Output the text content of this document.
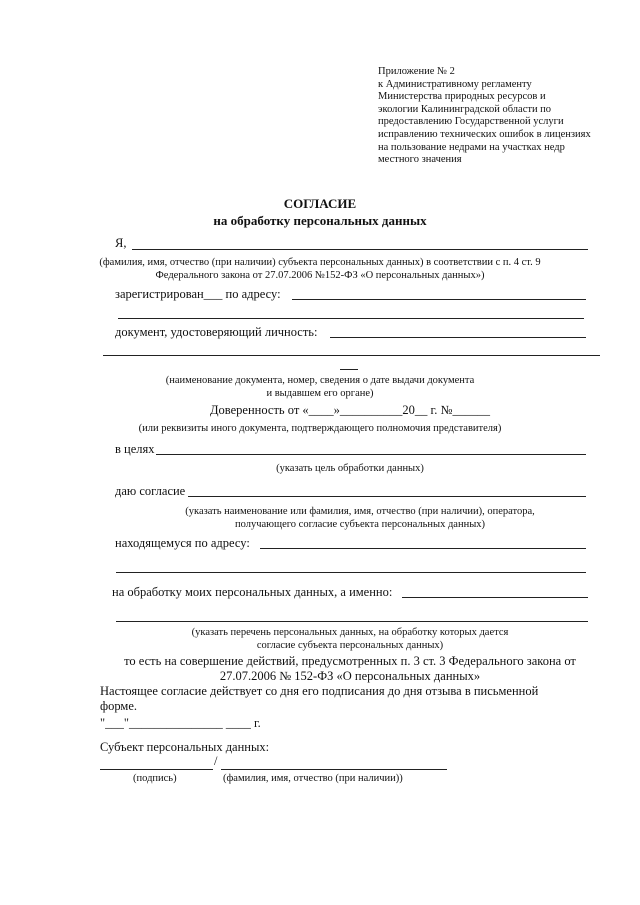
Приложение № 2
к Административному регламенту
Министерства природных ресурсов и
экологии Калининградской области по
предоставлению Государственной услуги
исправлению технических ошибок в лицензиях
на пользование недрами на участках недр
местного значения
СОГЛАСИЕ
на обработку персональных данных
Я,
(фамилия, имя, отчество (при наличии) субъекта персональных данных) в соответствии с п. 4 ст. 9
Федерального закона от 27.07.2006 №152-ФЗ «О персональных данных»)
зарегистрирован___ по адресу:
документ, удостоверяющий личность:
(наименование документа, номер, сведения о дате выдачи документа
и выдавшем его органе)
Доверенность от «____»__________20__ г. №______
(или реквизиты иного документа, подтверждающего полномочия представителя)
в целях
(указать цель обработки данных)
даю согласие
(указать наименование или фамилия, имя, отчество (при наличии), оператора,
получающего согласие субъекта персональных данных)
находящемуся по адресу:
на обработку моих персональных данных, а именно:
(указать перечень персональных данных, на обработку которых дается
согласие субъекта персональных данных)
то есть на совершение действий, предусмотренных п. 3 ст. 3 Федерального закона от
27.07.2006 № 152-ФЗ «О персональных данных»
Настоящее согласие действует со дня его подписания до дня отзыва в письменной
форме.
"___"_______________ ____ г.
Субъект персональных данных:
/
(подпись)	(фамилия, имя, отчество (при наличии))
